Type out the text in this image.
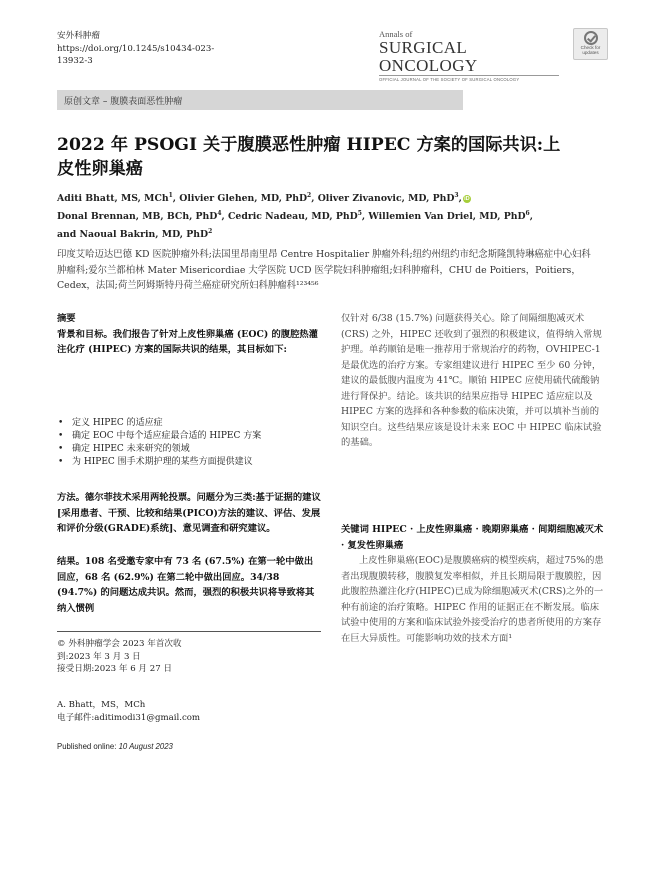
安外科肿瘤
https://doi.org/10.1245/s10434-023-13932-3
Annals of
SURGICAL ONCOLOGY
OFFICIAL JOURNAL OF THE SOCIETY OF SURGICAL ONCOLOGY
Check for updates
原创文章 – 腹膜表面恶性肿瘤
2022 年 PSOGI 关于腹膜恶性肿瘤 HIPEC 方案的国际共识:上皮性卵巢癌
Aditi Bhatt, MS, MCh$^1$, Olivier Glehen, MD, PhD$^2$, Oliver Zivanovic, MD, PhD$^3$, iD
Donal Brennan, MB, BCh, PhD$^4$, Cedric Nadeau, MD, PhD$^5$, Willemien Van Driel, MD, PhD$^6$,
and Naoual Bakrin, MD, PhD$^2$
印度艾哈迈达巴德 KD 医院肿瘤外科;法国里昂南里昂 Centre Hospitalier 肿瘤外科;纽约州纽约市纪念斯隆凯特琳癌症中心妇科肿瘤科;爱尔兰都柏林 Mater Misericordiae 大学医院 UCD 医学院妇科肿瘤组;妇科肿瘤科，CHU de Poitiers，Poitiers，Cedex，法国;荷兰阿姆斯特丹荷兰癌症研究所妇科肿瘤科¹²³⁴⁵⁶
摘要
背景和目标。我们报告了针对上皮性卵巢癌 (EOC) 的腹腔热灌注化疗 (HIPEC) 方案的国际共识的结果，其目标如下:
• 定义 HIPEC 的适应症
• 确定 EOC 中每个适应症最合适的 HIPEC 方案
• 确定 HIPEC 未来研究的领域
• 为 HIPEC 围手术期护理的某些方面提供建议
方法。德尔菲技术采用两轮投票。问题分为三类:基于证据的建议[采用患者、干预、比较和结果(PICO)方法的建议、评估、发展和评价分级(GRADE)系统]、意见调查和研究建议。
结果。108 名受邀专家中有 73 名 (67.5%) 在第一轮中做出回应，68 名 (62.9%) 在第二轮中做出回应。34/38 (94.7%) 的问题达成共识。然而，强烈的积极共识将导致将其纳入惯例
© 外科肿瘤学会 2023 年首次收
到:2023 年 3 月 3 日
接受日期:2023 年 6 月 27 日
A. Bhatt，MS，MCh
电子邮件:aditimodi31@gmail.com
Published online: 10 August 2023
仅针对 6/38 (15.7%) 问题获得关心。除了间隔细胞减灭术 (CRS) 之外，HIPEC 还收到了强烈的积极建议，值得纳入常规护理。单药顺铂是唯一推荐用于常规治疗的药物，OVHIPEC-1是最优选的治疗方案。专家组建议进行 HIPEC 至少 60 分钟，建议的最低腹内温度为 41℃。顺铂 HIPEC 应使用硫代硫酸钠进行肾保护。结论。该共识的结果应指导 HIPEC 适应症以及 HIPEC 方案的选择和各种参数的临床决策，并可以填补当前的知识空白。这些结果应该是设计未来 EOC 中 HIPEC 临床试验的基础。
关键词 HIPEC · 上皮性卵巢癌 · 晚期卵巢癌 · 间期细胞减灭术 · 复发性卵巢癌
上皮性卵巢癌(EOC)是腹膜癌病的模型疾病，超过75%的患者出现腹膜转移，腹膜复发率相似，并且长期局限于腹膜腔，因此腹腔热灌注化疗(HIPEC)已成为除细胞减灭术(CRS)之外的一种有前途的治疗策略。HIPEC 作用的证据正在不断发展。临床试验中使用的方案和临床试验外接受治疗的患者所使用的方案存在巨大异质性。可能影响功效的技术方面¹
